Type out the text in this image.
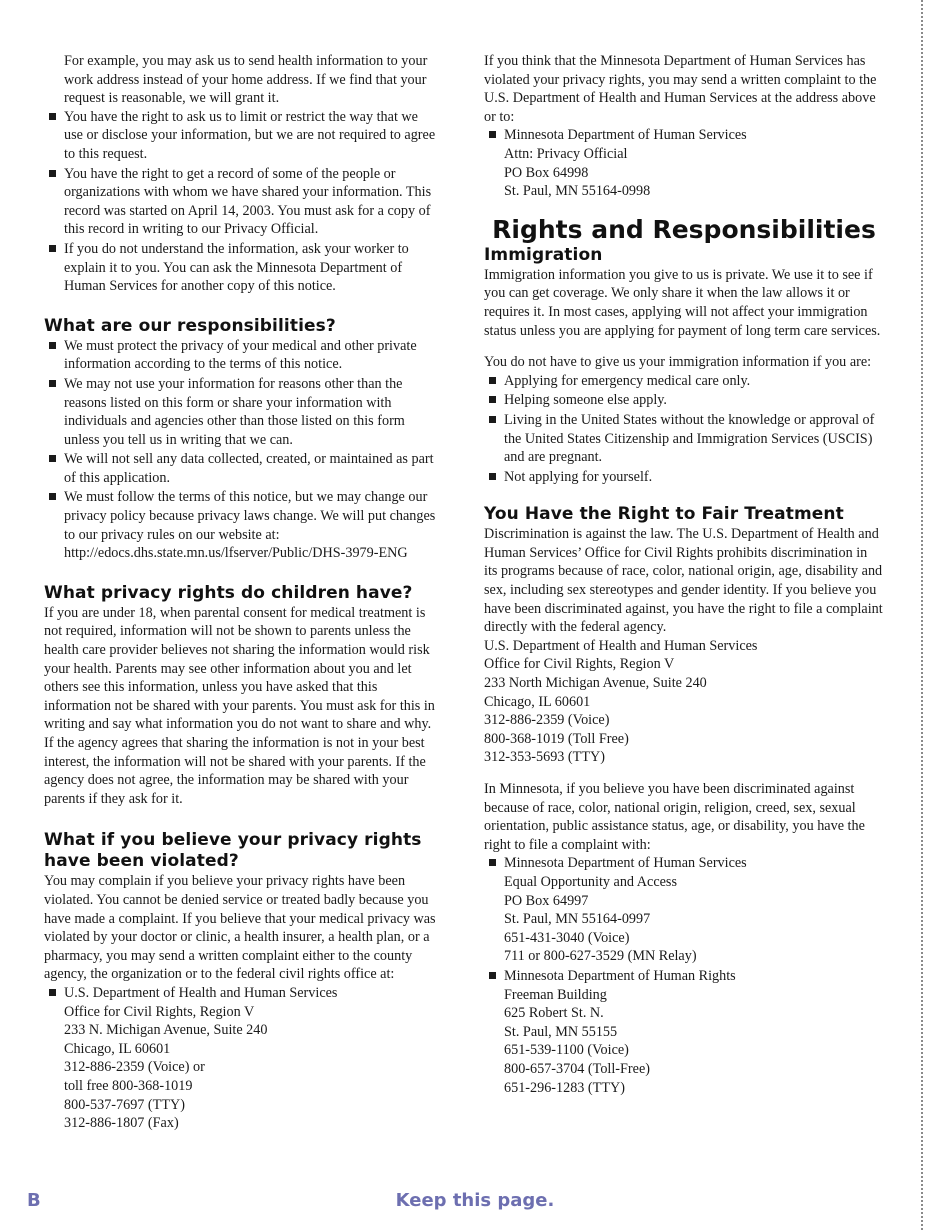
For example, you may ask us to send health information to your work address instead of your home address. If we find that your request is reasonable, we will grant it.

You have the right to ask us to limit or restrict the way that we use or disclose your information, but we are not required to agree to this request.
You have the right to get a record of some of the people or organizations with whom we have shared your information. This record was started on April 14, 2003. You must ask for a copy of this record in writing to our Privacy Official.
If you do not understand the information, ask your worker to explain it to you. You can ask the Minnesota Department of Human Services for another copy of this notice.
What are our responsibilities?
We must protect the privacy of your medical and other private information according to the terms of this notice.
We may not use your information for reasons other than the reasons listed on this form or share your information with individuals and agencies other than those listed on this form unless you tell us in writing that we can.
We will not sell any data collected, created, or maintained as part of this application.
We must follow the terms of this notice, but we may change our privacy policy because privacy laws change. We will put changes to our privacy rules on our website at: http://edocs.dhs.state.mn.us/lfserver/Public/DHS-3979-ENG
What privacy rights do children have?

If you are under 18, when parental consent for medical treatment is not required, information will not be shown to parents unless the health care provider believes not sharing the information would risk your health. Parents may see other information about you and let others see this information, unless you have asked that this information not be shared with your parents. You must ask for this in writing and say what information you do not want to share and why. If the agency agrees that sharing the information is not in your best interest, the information will not be shared with your parents. If the agency does not agree, the information may be shared with your parents if they ask for it.

What if you believe your privacy rights have been violated?

You may complain if you believe your privacy rights have been violated. You cannot be denied service or treated badly because you have made a complaint. If you believe that your medical privacy was violated by your doctor or clinic, a health insurer, a health plan, or a pharmacy, you may send a written complaint either to the county agency, the organization or to the federal civil rights office at:

U.S. Department of Health and Human Services
Office for Civil Rights, Region V
233 N. Michigan Avenue, Suite 240
Chicago, IL 60601
312-886-2359 (Voice) or
toll free 800-368-1019
800-537-7697 (TTY)
312-886-1807 (Fax)

If you think that the Minnesota Department of Human Services has violated your privacy rights, you may send a written complaint to the U.S. Department of Health and Human Services at the address above or to:

Minnesota Department of Human Services
Attn: Privacy Official
PO Box 64998
St. Paul, MN 55164-0998
Rights and Responsibilities
Immigration

Immigration information you give to us is private. We use it to see if you can get coverage. We only share it when the law allows it or requires it. In most cases, applying will not affect your immigration status unless you are applying for payment of long term care services.

You do not have to give us your immigration information if you are:

Applying for emergency medical care only.
Helping someone else apply.
Living in the United States without the knowledge or approval of the United States Citizenship and Immigration Services (USCIS) and are pregnant.
Not applying for yourself.
You Have the Right to Fair Treatment

Discrimination is against the law. The U.S. Department of Health and Human Services’ Office for Civil Rights prohibits discrimination in its programs because of race, color, national origin, age, disability and sex, including sex stereotypes and gender identity. If you believe you have been discriminated against, you have the right to file a complaint directly with the federal agency.

U.S. Department of Health and Human Services
Office for Civil Rights, Region V
233 North Michigan Avenue, Suite 240
Chicago, IL 60601
312-886-2359 (Voice)
800-368-1019 (Toll Free)
312-353-5693 (TTY)

In Minnesota, if you believe you have been discriminated against because of race, color, national origin, religion, creed, sex, sexual orientation, public assistance status, age, or disability, you have the right to file a complaint with:

Minnesota Department of Human Services
Equal Opportunity and Access
PO Box 64997
St. Paul, MN 55164-0997
651-431-3040 (Voice)
711 or 800-627-3529 (MN Relay)
Minnesota Department of Human Rights
Freeman Building
625 Robert St. N.
St. Paul, MN 55155
651-539-1100 (Voice)
800-657-3704 (Toll-Free)
651-296-1283 (TTY)
B	Keep this page.
